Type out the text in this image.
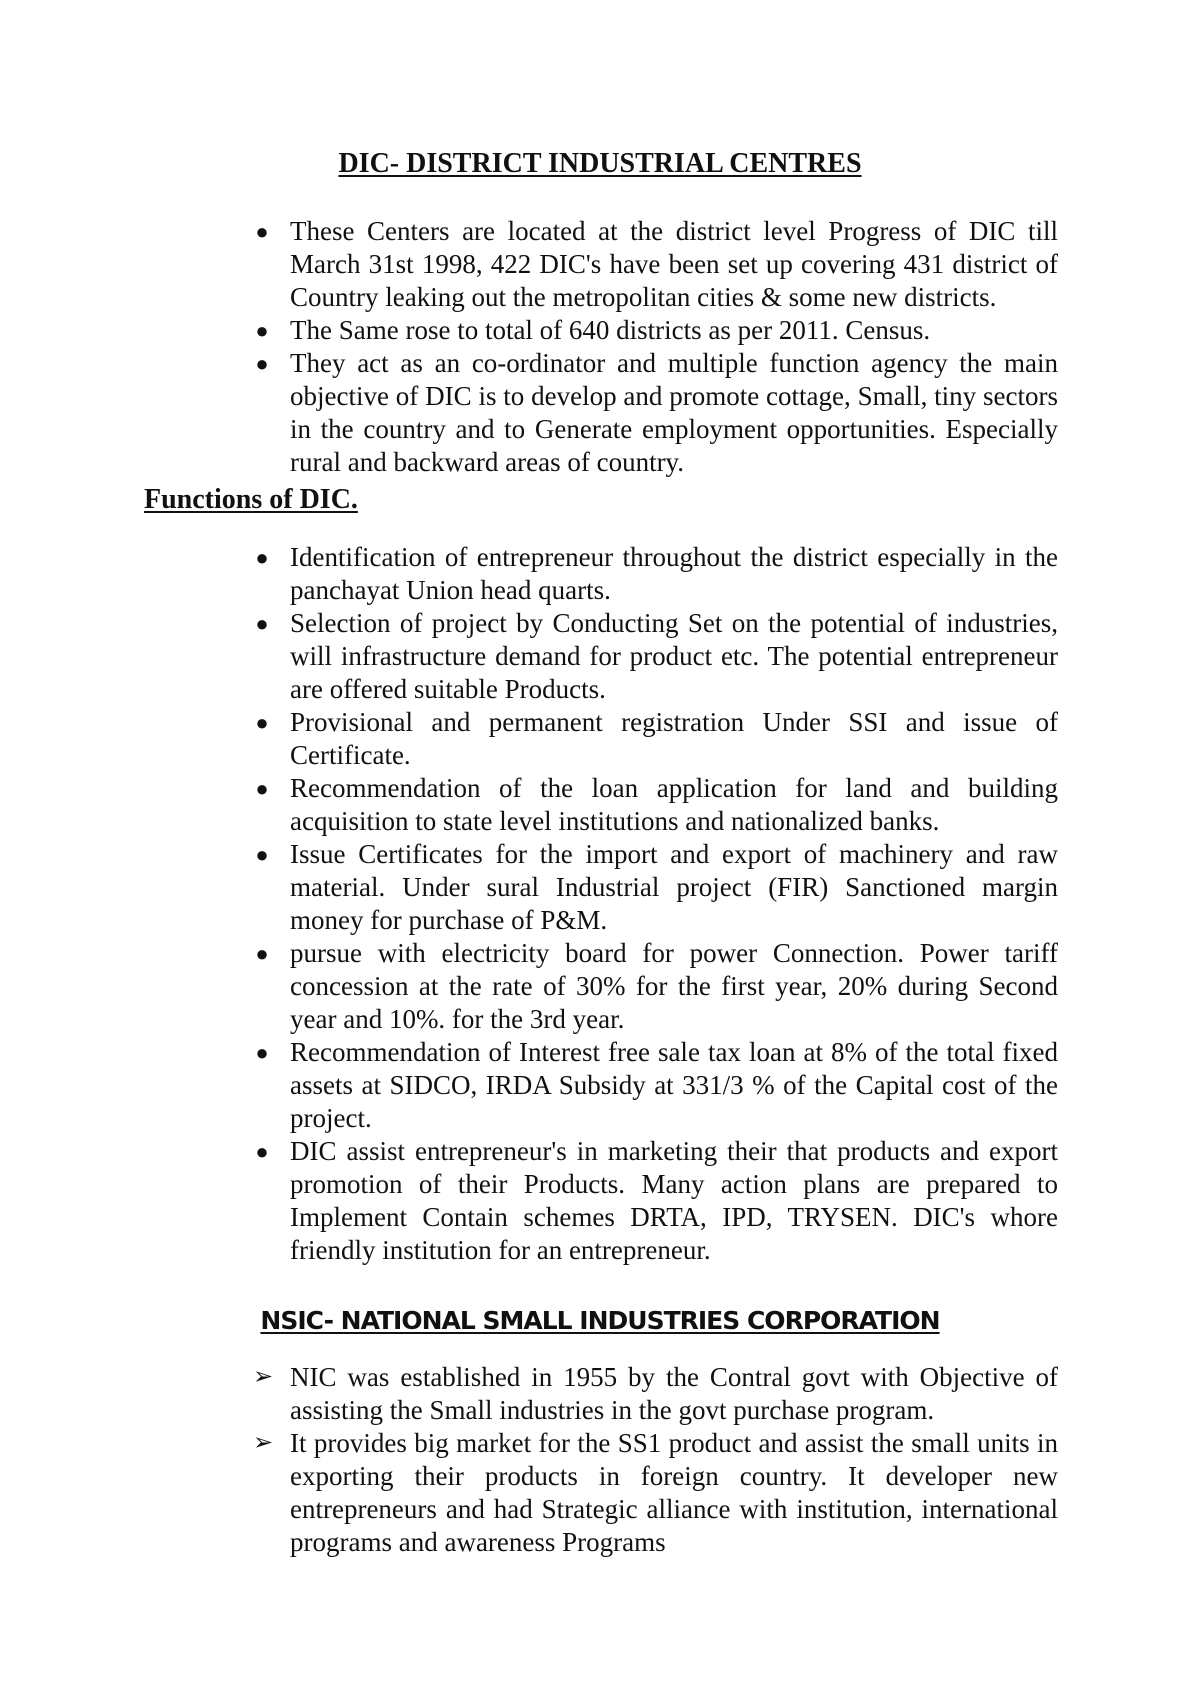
DIC- DISTRICT INDUSTRIAL CENTRES
● These Centers are located at the district level Progress of DIC till March 31st 1998, 422 DIC's have been set up covering 431 district of Country leaking out the metropolitan cities & some new districts.
● The Same rose to total of 640 districts as per 2011. Census.
● They act as an co-ordinator and multiple function agency the main objective of DIC is to develop and promote cottage, Small, tiny sectors in the country and to Generate employment opportunities. Especially rural and backward areas of country.
Functions of DIC.
● Identification of entrepreneur throughout the district especially in the panchayat Union head quarts.
● Selection of project by Conducting Set on the potential of industries, will infrastructure demand for product etc. The potential entrepreneur are offered suitable Products.
● Provisional and permanent registration Under SSI and issue of Certificate.
● Recommendation of the loan application for land and building acquisition to state level institutions and nationalized banks.
● Issue Certificates for the import and export of machinery and raw material. Under sural Industrial project (FIR) Sanctioned margin money for purchase of P&M.
● pursue with electricity board for power Connection. Power tariff concession at the rate of 30% for the first year, 20% during Second year and 10%. for the 3rd year.
● Recommendation of Interest free sale tax loan at 8% of the total fixed assets at SIDCO, IRDA Subsidy at 331/3 % of the Capital cost of the project.
● DIC assist entrepreneur's in marketing their that products and export promotion of their Products. Many action plans are prepared to Implement Contain schemes DRTA, IPD, TRYSEN. DIC's whore friendly institution for an entrepreneur.
NSIC- NATIONAL SMALL INDUSTRIES CORPORATION
➢ NIC was established in 1955 by the Contral govt with Objective of assisting the Small industries in the govt purchase program.
➢ It provides big market for the SS1 product and assist the small units in exporting their products in foreign country. It developer new entrepreneurs and had Strategic alliance with institution, international programs and awareness Programs
